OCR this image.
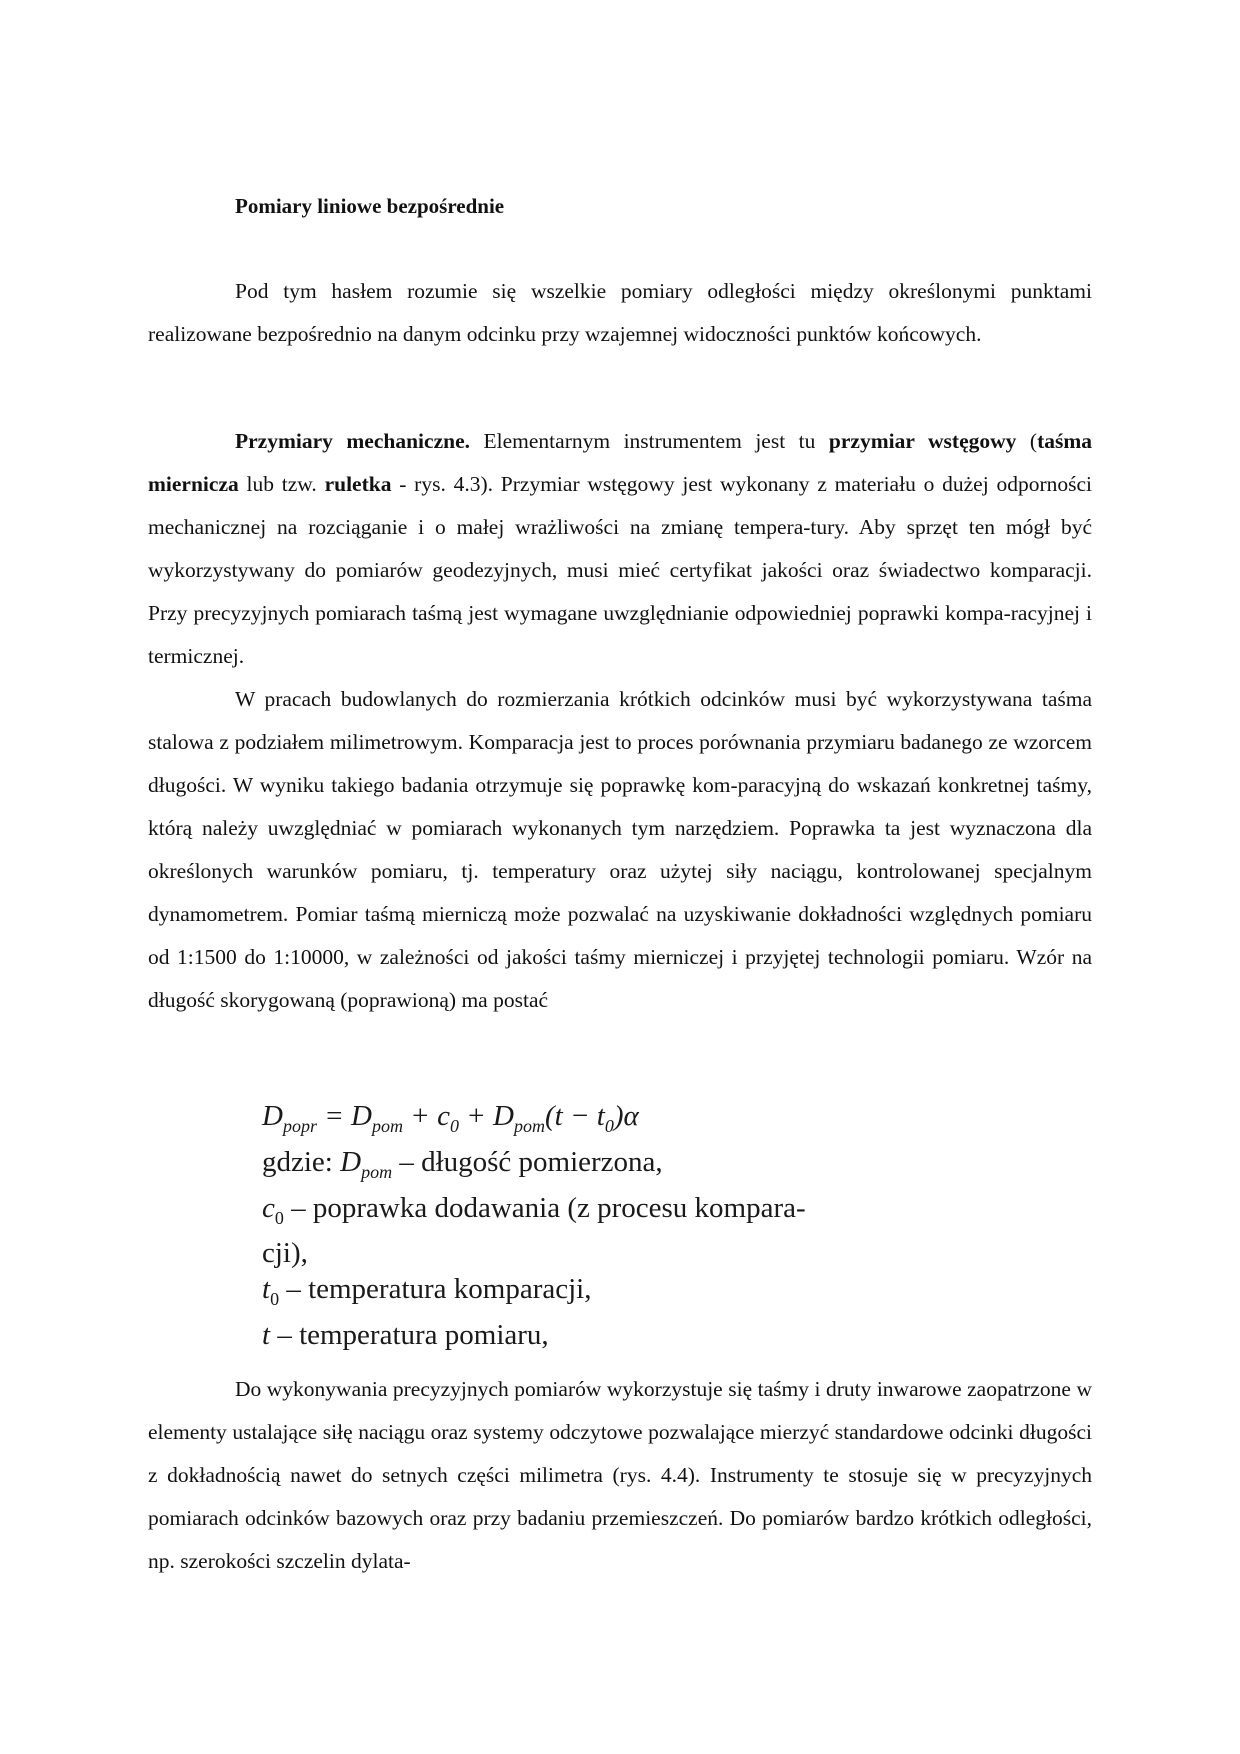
Pomiary liniowe bezpośrednie

Pod tym hasłem rozumie się wszelkie pomiary odległości między określonymi punktami realizowane bezpośrednio na danym odcinku przy wzajemnej widoczności punktów końcowych.

Przymiary mechaniczne. Elementarnym instrumentem jest tu przymiar wstęgowy (taśma miernicza lub tzw. ruletka - rys. 4.3). Przymiar wstęgowy jest wykonany z materiału o dużej odporności mechanicznej na rozciąganie i o małej wrażliwości na zmianę tempera-tury. Aby sprzęt ten mógł być wykorzystywany do pomiarów geodezyjnych, musi mieć certyfikat jakości oraz świadectwo komparacji. Przy precyzyjnych pomiarach taśmą jest wymagane uwzględnianie odpowiedniej poprawki kompa-racyjnej i termicznej.

W pracach budowlanych do rozmierzania krótkich odcinków musi być wykorzystywana taśma stalowa z podziałem milimetrowym. Komparacja jest to proces porównania przymiaru badanego ze wzorcem długości. W wyniku takiego badania otrzymuje się poprawkę kom-paracyjną do wskazań konkretnej taśmy, którą należy uwzględniać w pomiarach wykonanych tym narzędziem. Poprawka ta jest wyznaczona dla określonych warunków pomiaru, tj. temperatury oraz użytej siły naciągu, kontrolowanej specjalnym dynamometrem. Pomiar taśmą mierniczą może pozwalać na uzyskiwanie dokładności względnych pomiaru od 1:1500 do 1:10000, w zależności od jakości taśmy mierniczej i przyjętej technologii pomiaru. Wzór na długość skorygowaną (poprawioną) ma postać

$D_{popr} = D_{pom} + c_0 + D_{pom}(t - t_0)\alpha$
gdzie: $D_{pom}$ – długość pomierzona,
$c_0$ – poprawka dodawania (z procesu kompara-
cji),
$t_0$ – temperatura komparacji,
t – temperatura pomiaru,

Do wykonywania precyzyjnych pomiarów wykorzystuje się taśmy i druty inwarowe zaopatrzone w elementy ustalające siłę naciągu oraz systemy odczytowe pozwalające mierzyć standardowe odcinki długości z dokładnością nawet do setnych części milimetra (rys. 4.4). Instrumenty te stosuje się w precyzyjnych pomiarach odcinków bazowych oraz przy badaniu przemieszczeń. Do pomiarów bardzo krótkich odległości, np. szerokości szczelin dylata-
